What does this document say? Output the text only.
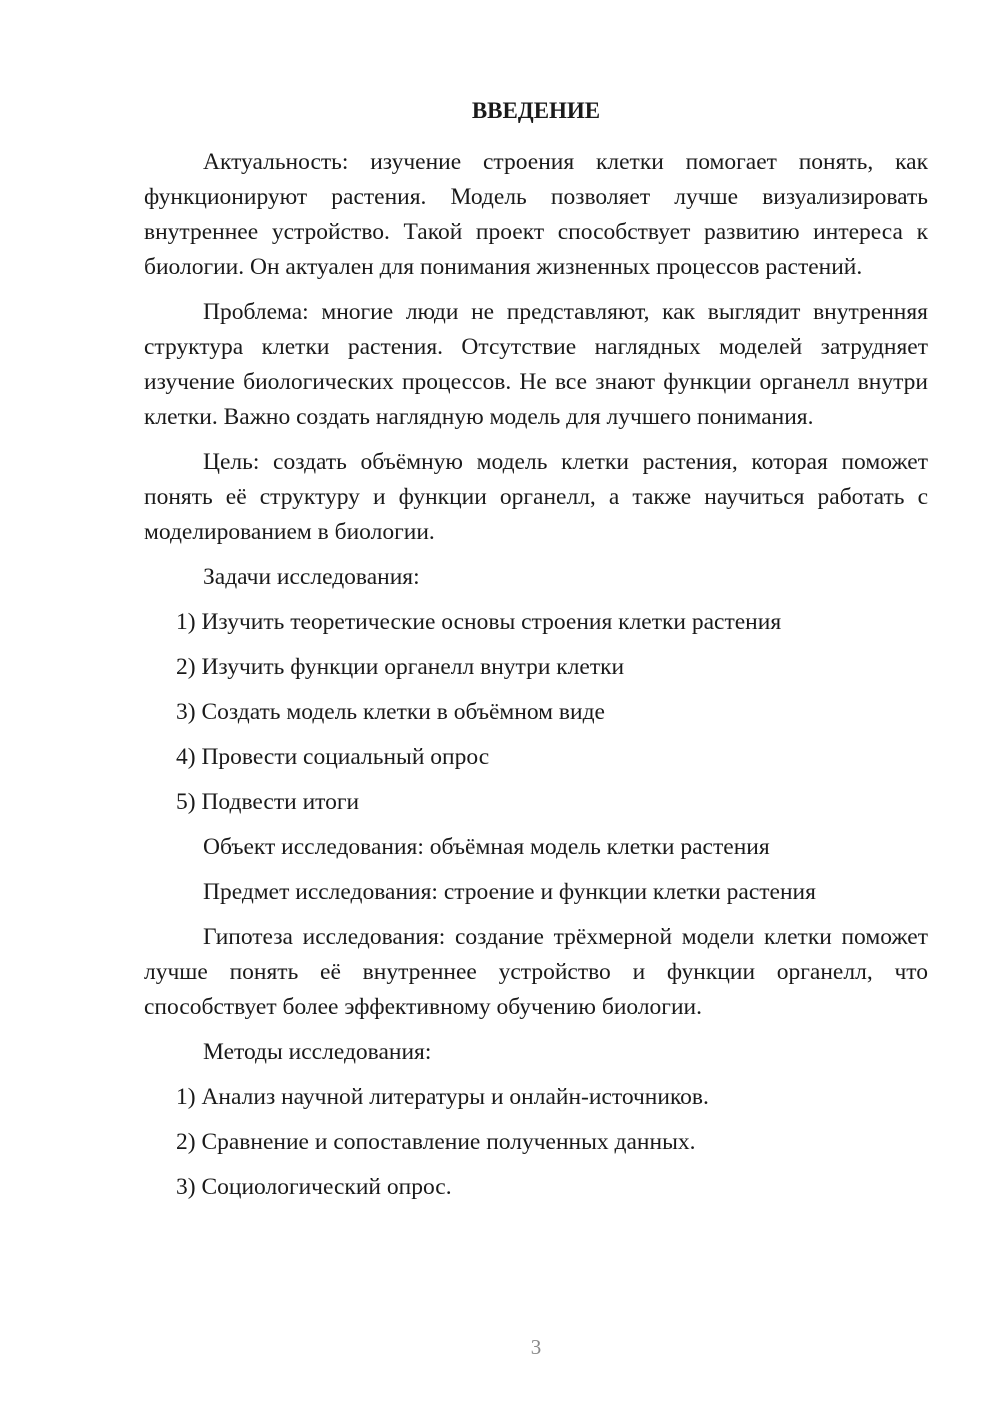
ВВЕДЕНИЕ

Актуальность: изучение строения клетки помогает понять, как функционируют растения. Модель позволяет лучше визуализировать внутреннее устройство. Такой проект способствует развитию интереса к биологии. Он актуален для понимания жизненных процессов растений.

Проблема: многие люди не представляют, как выглядит внутренняя структура клетки растения. Отсутствие наглядных моделей затрудняет изучение биологических процессов. Не все знают функции органелл внутри клетки. Важно создать наглядную модель для лучшего понимания.

Цель: создать объёмную модель клетки растения, которая поможет понять её структуру и функции органелл, а также научиться работать с моделированием в биологии.

Задачи исследования:

1) Изучить теоретические основы строения клетки растения

2) Изучить функции органелл внутри клетки

3) Создать модель клетки в объёмном виде

4) Провести социальный опрос

5) Подвести итоги

Объект исследования: объёмная модель клетки растения

Предмет исследования: строение и функции клетки растения

Гипотеза исследования: создание трёхмерной модели клетки поможет лучше понять её внутреннее устройство и функции органелл, что способствует более эффективному обучению биологии.

Методы исследования:

1) Анализ научной литературы и онлайн-источников.

2) Сравнение и сопоставление полученных данных.

3) Социологический опрос.

3
